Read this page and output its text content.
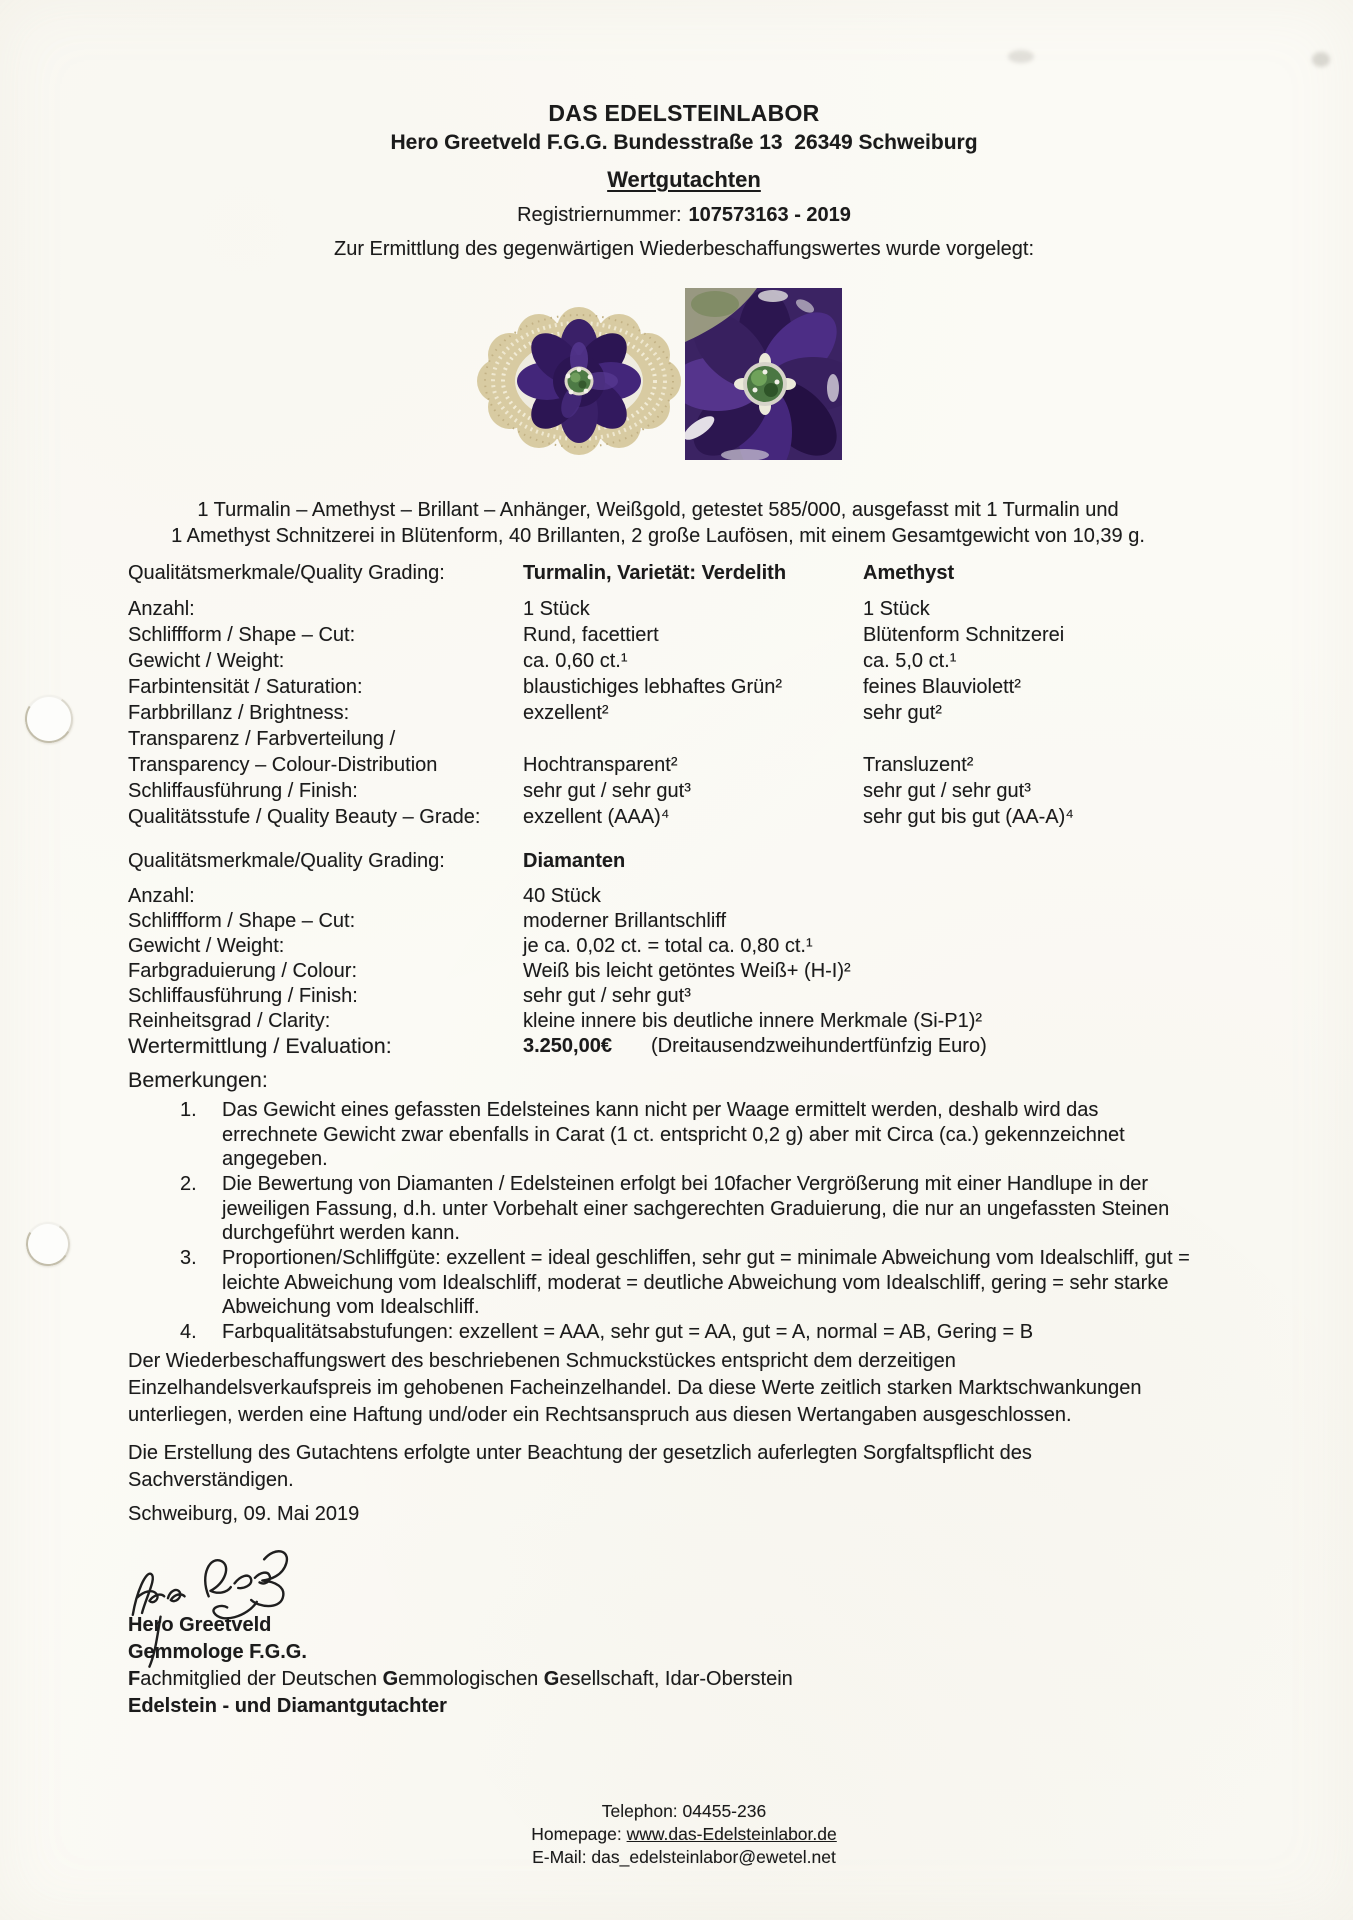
DAS EDELSTEINLABOR
Hero Greetveld F.G.G. Bundesstraße 13  26349 Schweiburg
Wertgutachten
Registriernummer: 107573163 - 2019
Zur Ermittlung des gegenwärtigen Wiederbeschaffungswertes wurde vorgelegt:
1 Turmalin – Amethyst – Brillant – Anhänger, Weißgold, getestet 585/000, ausgefasst mit 1 Turmalin und
1 Amethyst Schnitzerei in Blütenform, 40 Brillanten, 2 große Laufösen, mit einem Gesamtgewicht von 10,39 g.
Qualitätsmerkmale/Quality Grading:	Turmalin, Varietät: Verdelith	Amethyst
Anzahl:	1 Stück	1 Stück
Schliffform / Shape – Cut:	Rund, facettiert	Blütenform Schnitzerei
Gewicht / Weight:	ca. 0,60 ct.¹	ca. 5,0 ct.¹
Farbintensität / Saturation:	blaustichiges lebhaftes Grün²	feines Blauviolett²
Farbbrillanz / Brightness:	exzellent²	sehr gut²
Transparenz / Farbverteilung /
Transparency – Colour-Distribution	Hochtransparent²	Transluzent²
Schliffausführung / Finish:	sehr gut / sehr gut³	sehr gut / sehr gut³
Qualitätsstufe / Quality Beauty – Grade:	exzellent (AAA)⁴	sehr gut bis gut (AA-A)⁴
Qualitätsmerkmale/Quality Grading:	Diamanten
Anzahl:	40 Stück
Schliffform / Shape – Cut:	moderner Brillantschliff
Gewicht / Weight:	je ca. 0,02 ct. = total ca. 0,80 ct.¹
Farbgraduierung / Colour:	Weiß bis leicht getöntes Weiß+ (H-I)²
Schliffausführung / Finish:	sehr gut / sehr gut³
Reinheitsgrad / Clarity:	kleine innere bis deutliche innere Merkmale (Si-P1)²
Wertermittlung / Evaluation:	3.250,00€ (Dreitausendzweihundertfünfzig Euro)
Bemerkungen:
1.	Das Gewicht eines gefassten Edelsteines kann nicht per Waage ermittelt werden, deshalb wird das
errechnete Gewicht zwar ebenfalls in Carat (1 ct. entspricht 0,2 g) aber mit Circa (ca.) gekennzeichnet
angegeben.
2.	Die Bewertung von Diamanten / Edelsteinen erfolgt bei 10facher Vergrößerung mit einer Handlupe in der
jeweiligen Fassung, d.h. unter Vorbehalt einer sachgerechten Graduierung, die nur an ungefassten Steinen
durchgeführt werden kann.
3.	Proportionen/Schliffgüte: exzellent = ideal geschliffen, sehr gut = minimale Abweichung vom Idealschliff, gut =
leichte Abweichung vom Idealschliff, moderat = deutliche Abweichung vom Idealschliff, gering = sehr starke
Abweichung vom Idealschliff.
4.	Farbqualitätsabstufungen: exzellent = AAA, sehr gut = AA, gut = A, normal = AB, Gering = B
Der Wiederbeschaffungswert des beschriebenen Schmuckstückes entspricht dem derzeitigen
Einzelhandelsverkaufspreis im gehobenen Facheinzelhandel. Da diese Werte zeitlich starken Marktschwankungen
unterliegen, werden eine Haftung und/oder ein Rechtsanspruch aus diesen Wertangaben ausgeschlossen.
Die Erstellung des Gutachtens erfolgte unter Beachtung der gesetzlich auferlegten Sorgfaltspflicht des
Sachverständigen.
Schweiburg, 09. Mai 2019
Hero Greetveld
Gemmologe F.G.G.
Fachmitglied der Deutschen Gemmologischen Gesellschaft, Idar-Oberstein
Edelstein - und Diamantgutachter
Telephon: 04455-236
Homepage: www.das-Edelsteinlabor.de
E-Mail: das_edelsteinlabor@ewetel.net
